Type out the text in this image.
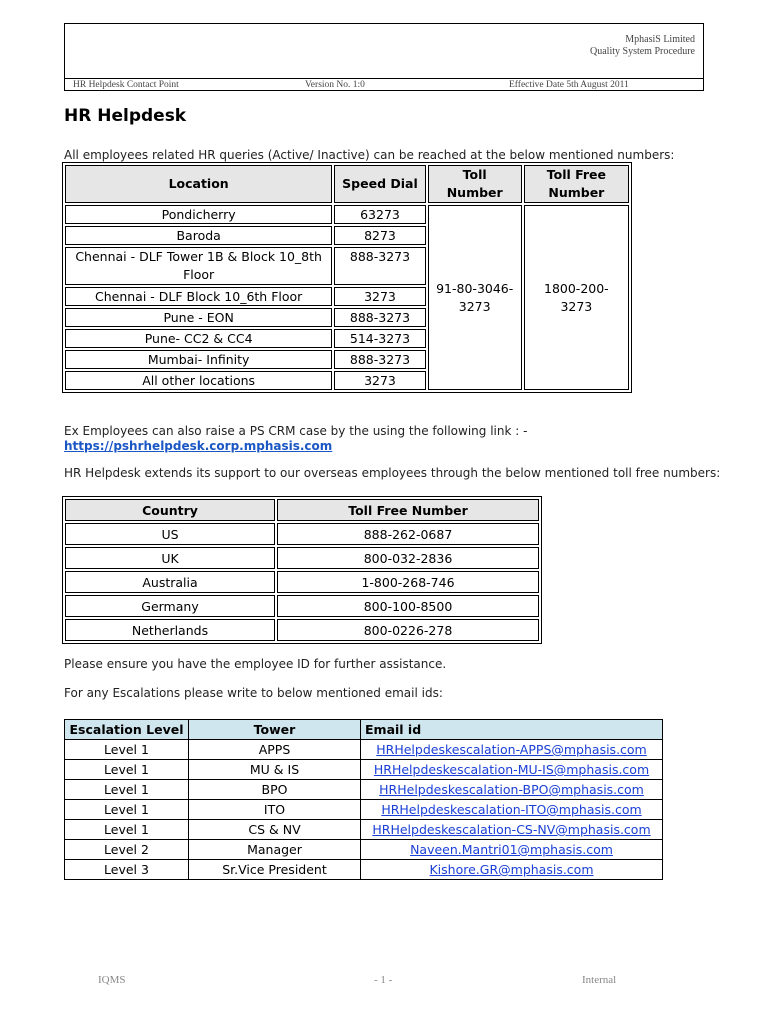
MphasiS Limited
Quality System Procedure
HR Helpdesk Contact Point	Version No. 1:0	Effective Date 5th August 2011
HR Helpdesk
All employees related HR queries (Active/ Inactive) can be reached at the below mentioned numbers:
Location	Speed Dial	Toll Number	Toll Free Number
Pondicherry	63273	91-80-3046-3273	1800-200-3273
Baroda	8273		
Chennai - DLF Tower 1B & Block 10_8th Floor	888-3273		
Chennai - DLF Block 10_6th Floor	3273		
Pune - EON	888-3273		
Pune- CC2 & CC4	514-3273		
Mumbai- Infinity	888-3273		
All other locations	3273		
Ex Employees can also raise a PS CRM case by the using the following link : -
https://pshrhelpdesk.corp.mphasis.com
HR Helpdesk extends its support to our overseas employees through the below mentioned toll free numbers:
Country	Toll Free Number
US	888-262-0687
UK	800-032-2836
Australia	1-800-268-746
Germany	800-100-8500
Netherlands	800-0226-278
Please ensure you have the employee ID for further assistance.
For any Escalations please write to below mentioned email ids:
Escalation Level	Tower	Email id
Level 1	APPS	HRHelpdeskescalation-APPS@mphasis.com
Level 1	MU & IS	HRHelpdeskescalation-MU-IS@mphasis.com
Level 1	BPO	HRHelpdeskescalation-BPO@mphasis.com
Level 1	ITO	HRHelpdeskescalation-ITO@mphasis.com
Level 1	CS & NV	HRHelpdeskescalation-CS-NV@mphasis.com
Level 2	Manager	Naveen.Mantri01@mphasis.com
Level 3	Sr.Vice President	Kishore.GR@mphasis.com
IQMS	- 1 -	Internal
